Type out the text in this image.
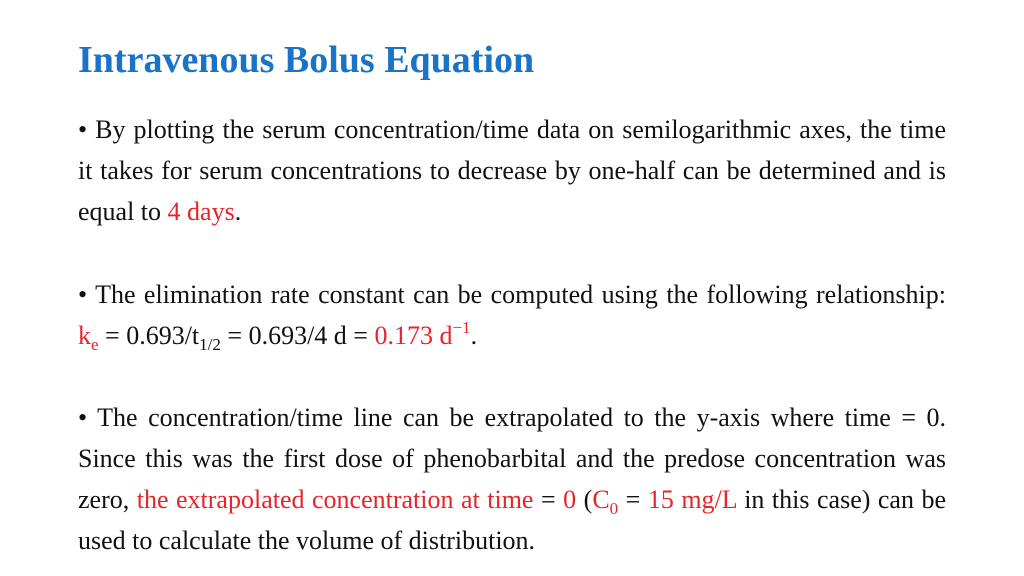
Intravenous Bolus Equation
• By plotting the serum concentration/time data on semilogarithmic axes, the time it takes for serum concentrations to decrease by one-half can be determined and is equal to 4 days.
• The elimination rate constant can be computed using the following relationship: $k_e = 0.693/t_{1/2} = 0.693/4$ d = 0.173 $d^{-1}$.
• The concentration/time line can be extrapolated to the y-axis where time = 0. Since this was the first dose of phenobarbital and the predose concentration was zero, the extrapolated concentration at time = 0 ($C_0 = 15$ mg/L in this case) can be used to calculate the volume of distribution.
